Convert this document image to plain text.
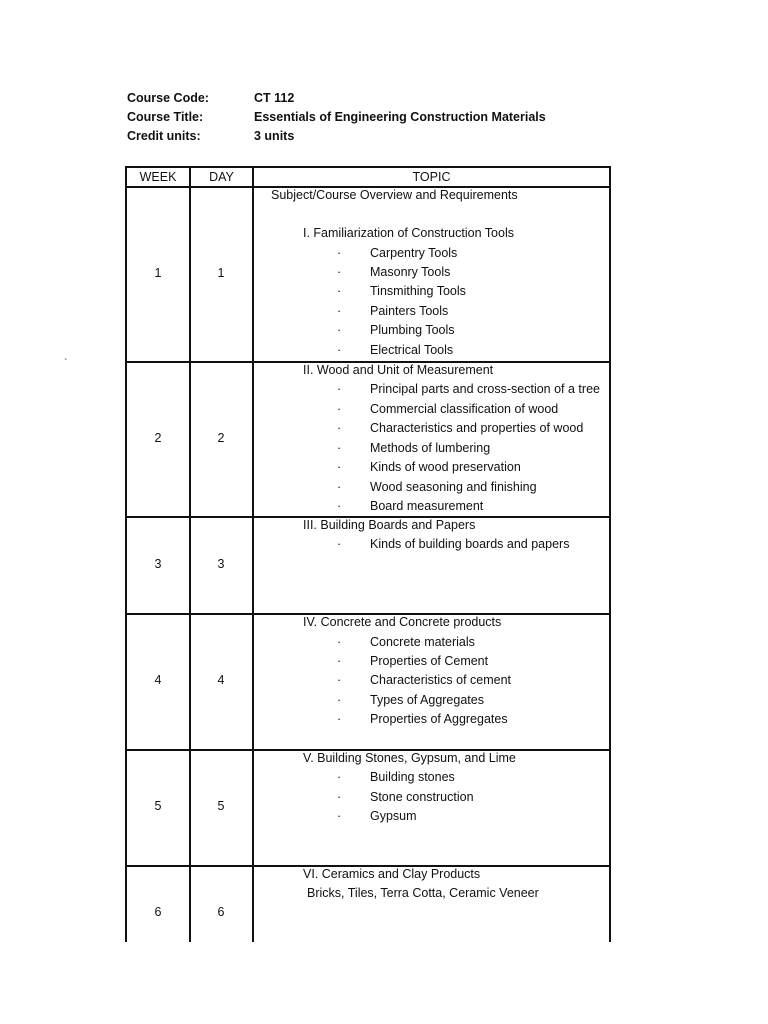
Course Code:	CT 112
Course Title:	Essentials of Engineering Construction Materials
Credit units:	3 units
`
WEEK	DAY	TOPIC
1	1
Subject/Course Overview and Requirements
I. Familiarization of Construction Tools
· Carpentry Tools
· Masonry Tools
· Tinsmithing Tools
· Painters Tools
· Plumbing Tools
· Electrical Tools
2	2
II. Wood and Unit of Measurement
· Principal parts and cross-section of a tree
· Commercial classification of wood
· Characteristics and properties of wood
· Methods of lumbering
· Kinds of wood preservation
· Wood seasoning and finishing
· Board measurement
3	3
III. Building Boards and Papers
· Kinds of building boards and papers
4	4
IV. Concrete and Concrete products
· Concrete materials
· Properties of Cement
· Characteristics of cement
· Types of Aggregates
· Properties of Aggregates
5	5
V. Building Stones, Gypsum, and Lime
· Building stones
· Stone construction
· Gypsum
6	6
VI. Ceramics and Clay Products
Bricks, Tiles, Terra Cotta, Ceramic Veneer
